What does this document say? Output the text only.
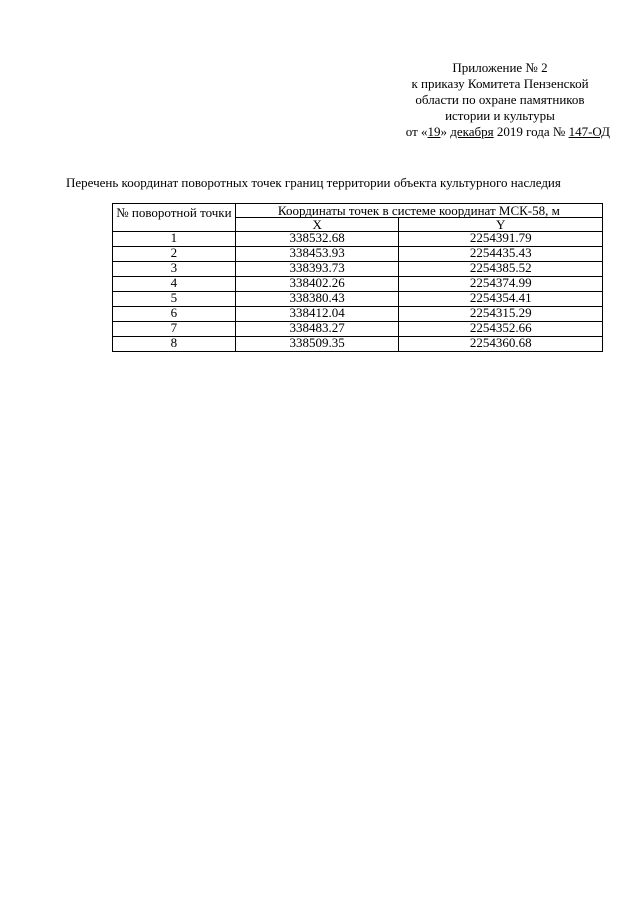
Приложение № 2
к приказу Комитета Пензенской
области по охране памятников
истории и культуры
от «19» декабря 2019 года № 147-ОД
Перечень координат поворотных точек границ территории объекта культурного наследия
№ поворотной точки	Координаты точек в системе координат МСК-58, м	
	X	Y
1	338532.68	2254391.79
2	338453.93	2254435.43
3	338393.73	2254385.52
4	338402.26	2254374.99
5	338380.43	2254354.41
6	338412.04	2254315.29
7	338483.27	2254352.66
8	338509.35	2254360.68
